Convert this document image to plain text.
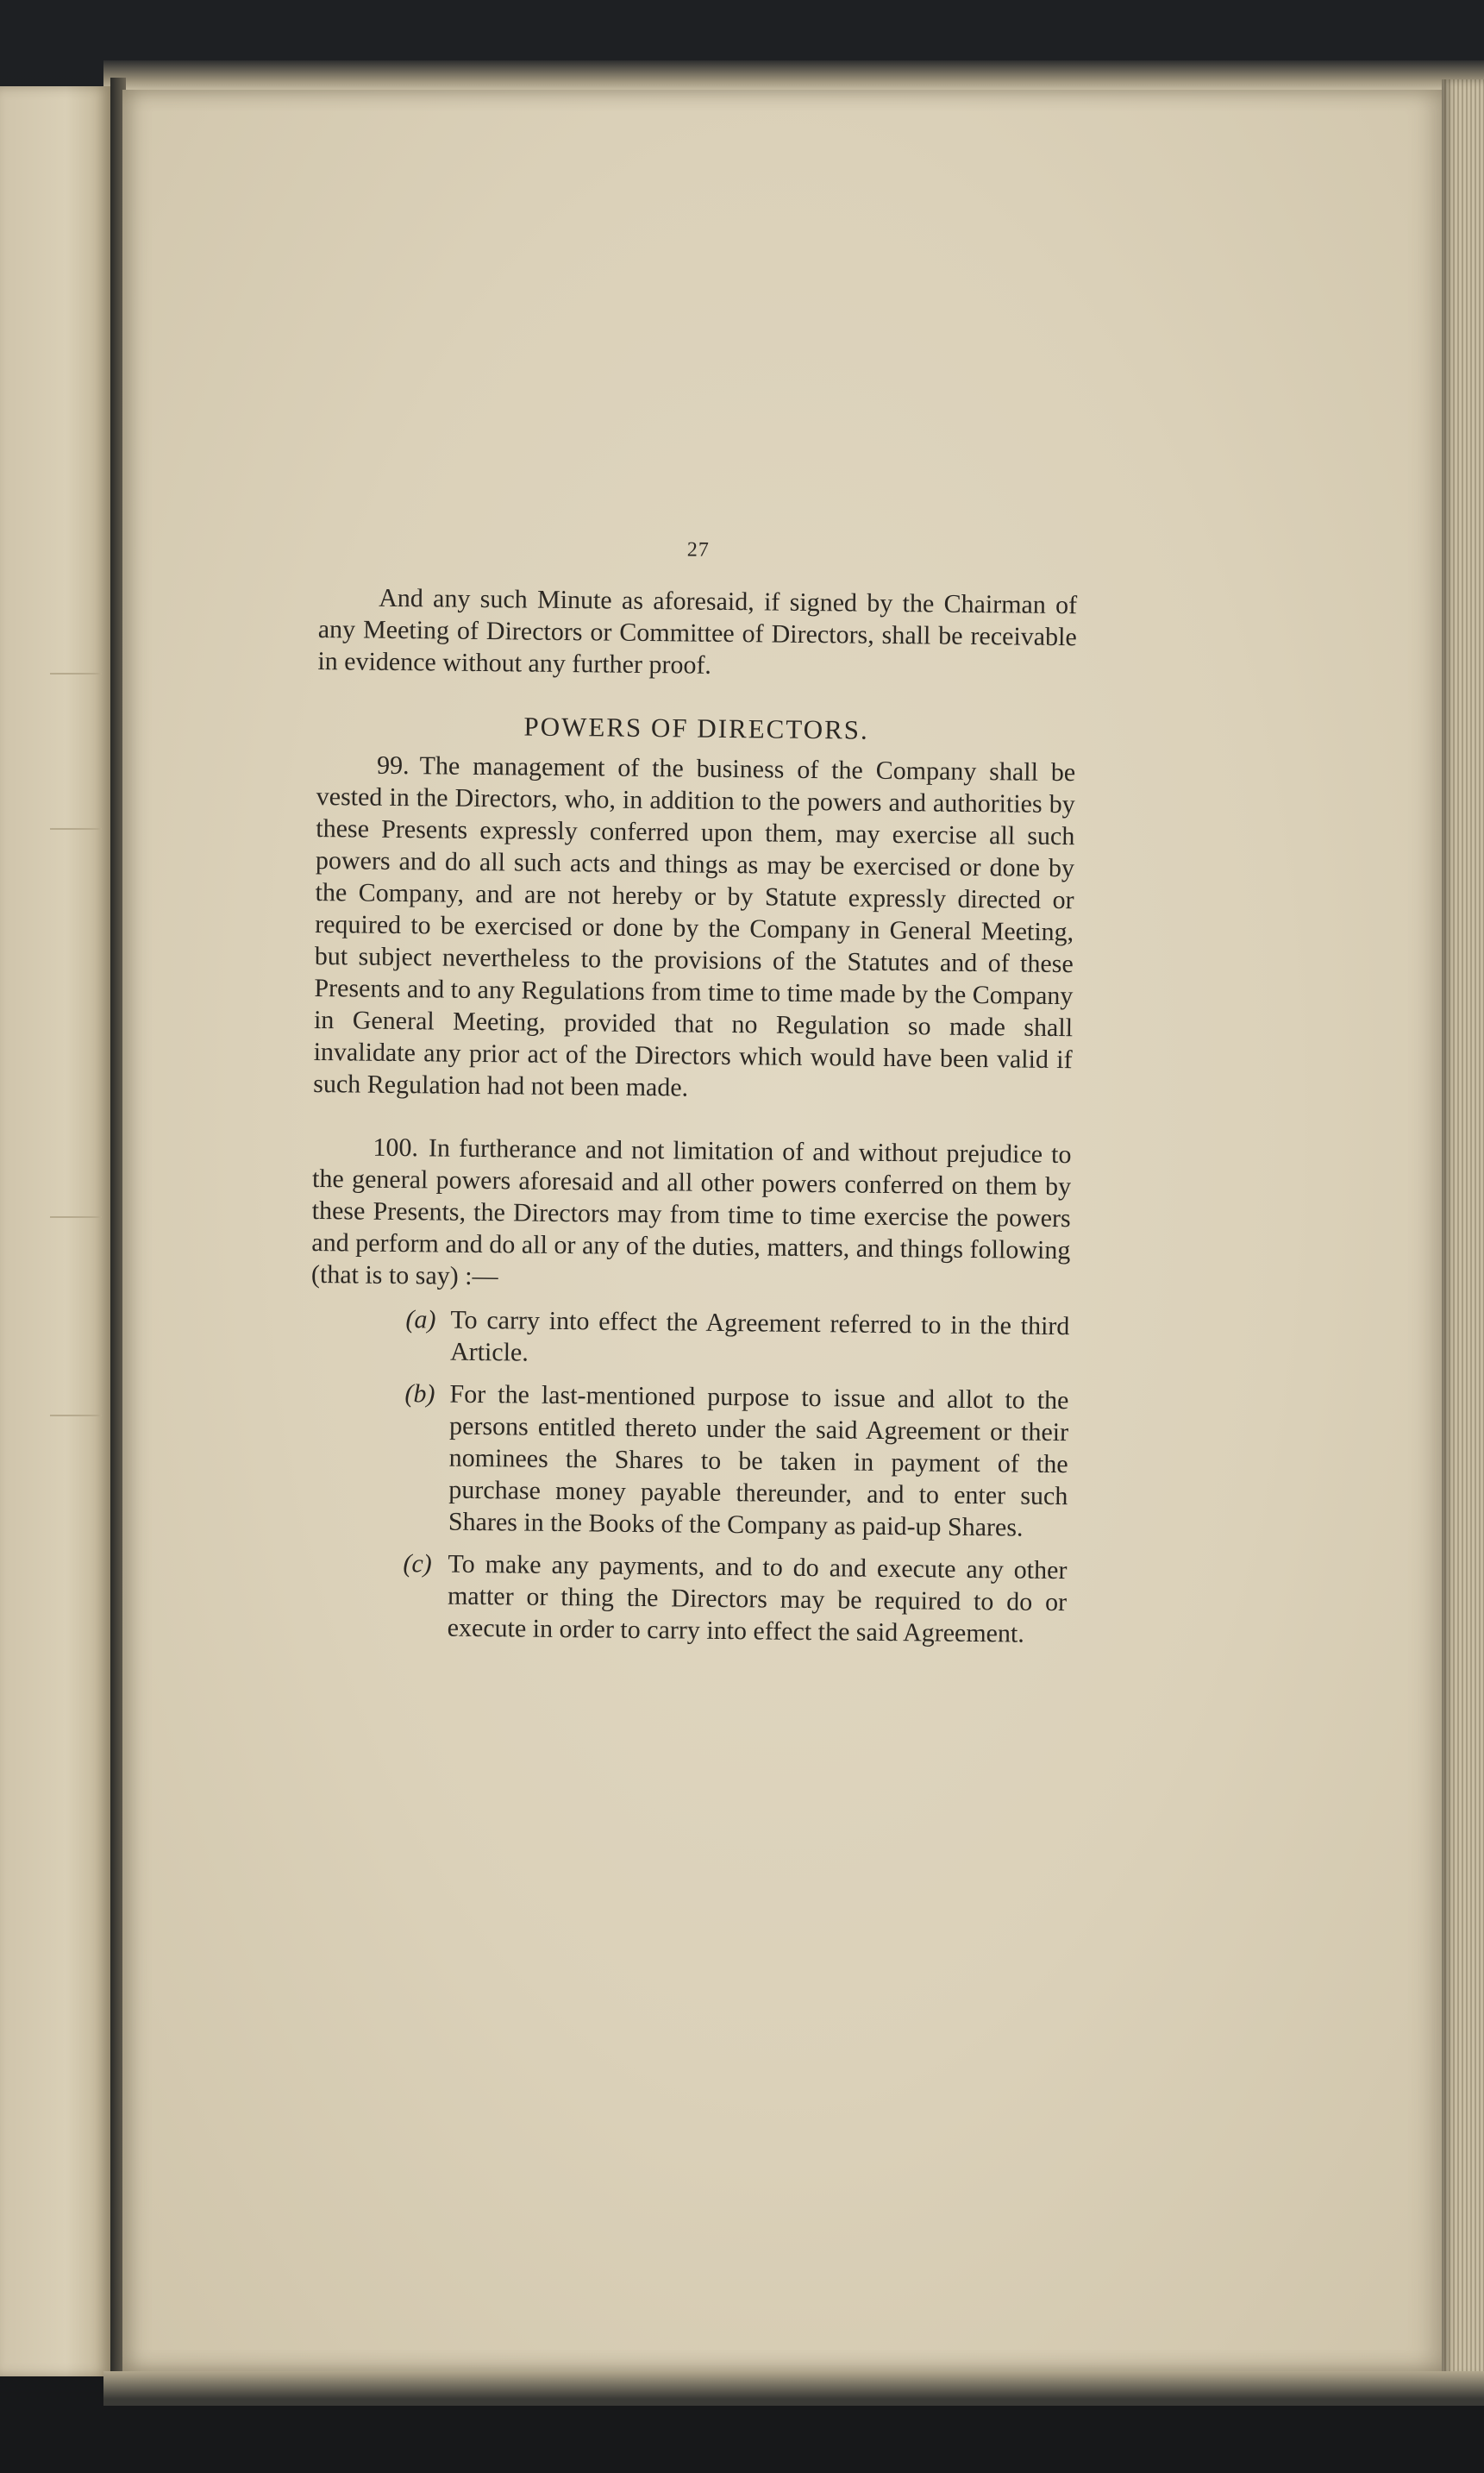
27

And any such Minute as aforesaid, if signed by the Chairman of any Meeting of Directors or Committee of Directors, shall be receivable in evidence without any further proof.

POWERS OF DIRECTORS.

99. The management of the business of the Company shall be vested in the Directors, who, in addition to the powers and authorities by these Presents expressly conferred upon them, may exercise all such powers and do all such acts and things as may be exercised or done by the Company, and are not hereby or by Statute expressly directed or required to be exercised or done by the Company in General Meeting, but subject nevertheless to the provisions of the Statutes and of these Presents and to any Regulations from time to time made by the Company in General Meeting, provided that no Regulation so made shall invalidate any prior act of the Directors which would have been valid if such Regulation had not been made.

100. In furtherance and not limitation of and without prejudice to the general powers aforesaid and all other powers conferred on them by these Presents, the Directors may from time to time exercise the powers and perform and do all or any of the duties, matters, and things following (that is to say) :—

(a) To carry into effect the Agreement referred to in the third Article.
(b) For the last-mentioned purpose to issue and allot to the persons entitled thereto under the said Agreement or their nominees the Shares to be taken in payment of the purchase money payable thereunder, and to enter such Shares in the Books of the Company as paid-up Shares.
(c) To make any payments, and to do and execute any other matter or thing the Directors may be required to do or execute in order to carry into effect the said Agreement.
